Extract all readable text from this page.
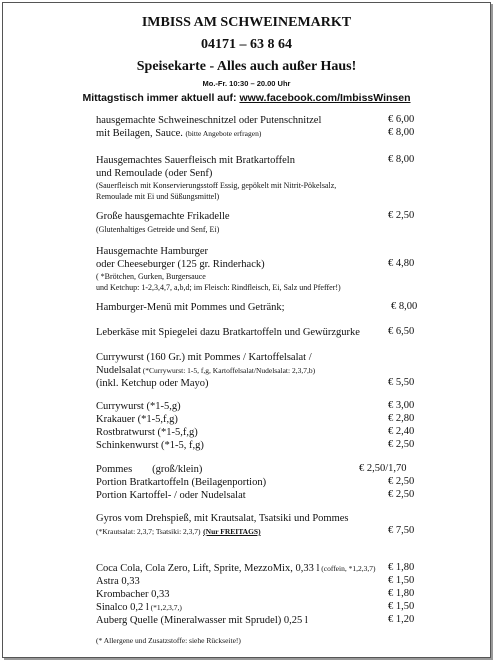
IMBISS AM SCHWEINEMARKT
04171 – 63 8 64
Speisekarte - Alles auch außer Haus!
Mo.-Fr. 10:30 – 20.00 Uhr
Mittagstisch immer aktuell auf: www.facebook.com/ImbissWinsen
hausgemachte Schweineschnitzel oder Putenschnitzel
mit Beilagen, Sauce. (bitte Angebote erfragen)
Hausgemachtes Sauerfleisch mit Bratkartoffeln
und Remoulade (oder Senf)
(Sauerfleisch mit Konservierungsstoff Essig, gepökelt mit Nitrit-Pökelsalz,
Remoulade mit Ei und Süßungsmittel)
Große hausgemachte Frikadelle
(Glutenhaltiges Getreide und Senf, Ei)
Hausgemachte Hamburger
oder Cheeseburger (125 gr. Rinderhack)
( *Brötchen, Gurken, Burgersauce
und Ketchup: 1-2,3,4,7, a,b,d; im Fleisch: Rindfleisch, Ei, Salz und Pfeffer!)
Hamburger-Menü mit Pommes und Getränk;
Leberkäse mit Spiegelei dazu Bratkartoffeln und Gewürzgurke
Currywurst (160 Gr.) mit Pommes / Kartoffelsalat /
Nudelsalat (*Currywurst: 1-5, f,g, Kartoffelsalat/Nudelsalat: 2,3,7,b)
(inkl. Ketchup oder Mayo)
Currywurst (*1-5,g)
Krakauer (*1-5,f,g)
Rostbratwurst (*1-5,f,g)
Schinkenwurst (*1-5, f,g)
Pommes (groß/klein)
Portion Bratkartoffeln (Beilagenportion)
Portion Kartoffel- / oder Nudelsalat
Gyros vom Drehspieß, mit Krautsalat, Tsatsiki und Pommes
(*Krautsalat: 2,3,7; Tsatsiki: 2,3,7) (Nur FREITAGS)
Coca Cola, Cola Zero, Lift, Sprite, MezzoMix, 0,33 l (coffein, *1,2,3,7)
Astra 0,33
Krombacher 0,33
Sinalco 0,2 l (*1,2,3,7,)
Auberg Quelle (Mineralwasser mit Sprudel) 0,25 l
(* Allergene und Zusatzstoffe: siehe Rückseite!)
€ 6,00
€ 8,00
€ 8,00
€ 2,50
€ 4,80
€ 8,00
€ 6,50
€ 5,50
€ 3,00
€ 2,80
€ 2,40
€ 2,50
€ 2,50/1,70
€ 2,50
€ 2,50
€ 7,50
€ 1,80
€ 1,50
€ 1,80
€ 1,50
€ 1,20
